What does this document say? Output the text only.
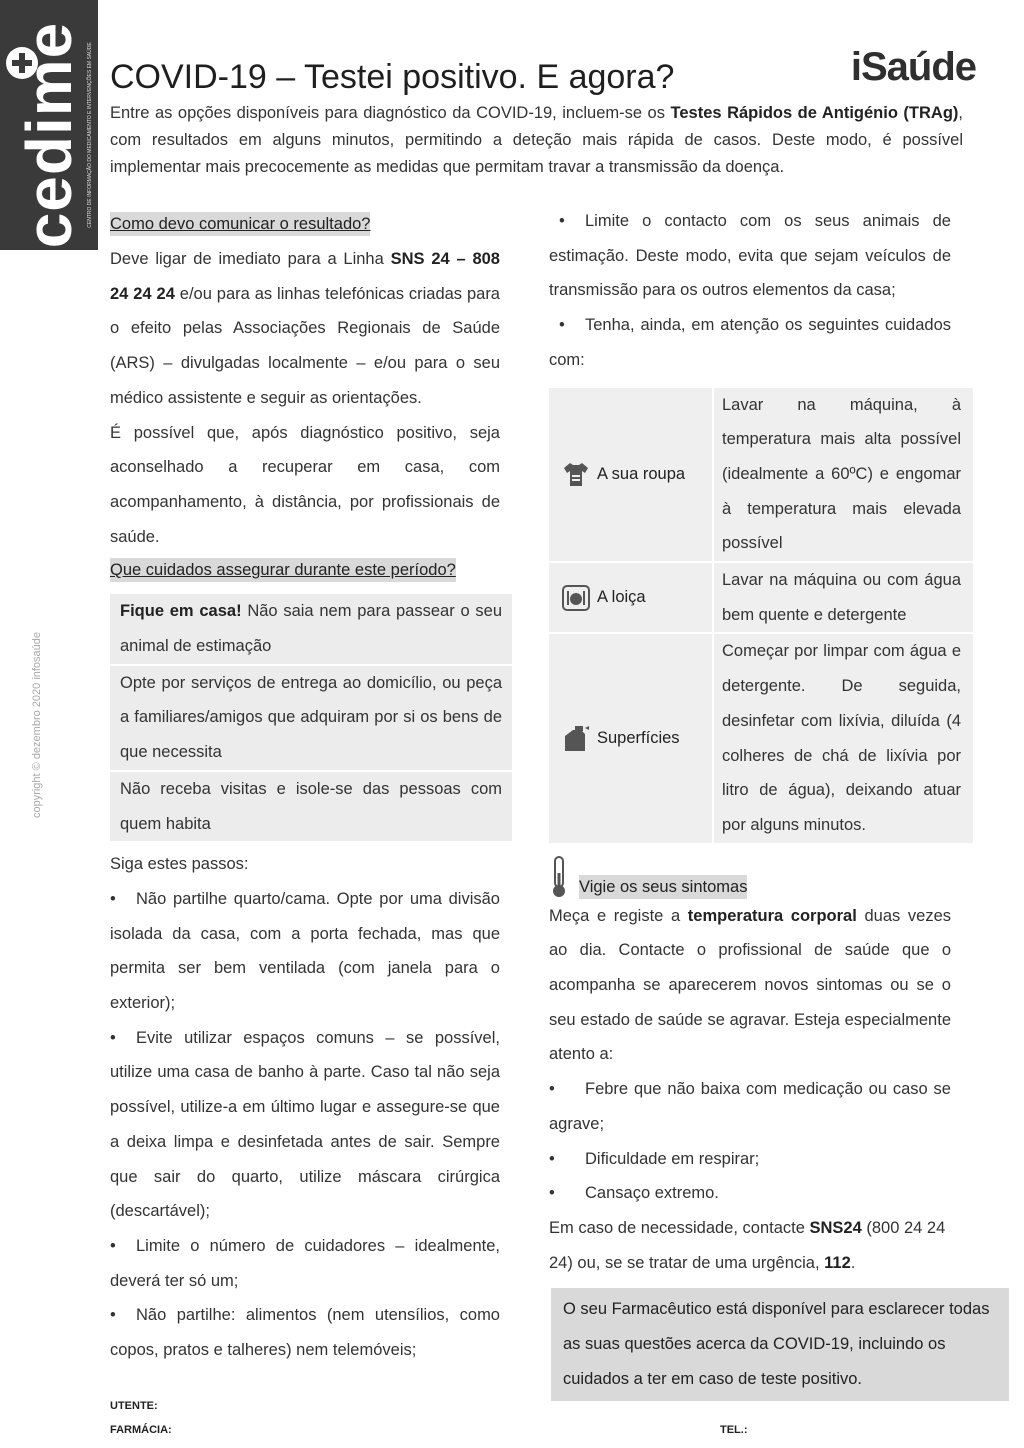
cedime CENTRO DE INFORMAÇÃO DO MEDICAMENTO E INTERVENÇÕES EM SAÚDE
copyright © dezembro 2020 infosaúde
iSaúde
COVID-19 – Testei positivo. E agora?

Entre as opções disponíveis para diagnóstico da COVID-19, incluem-se os Testes Rápidos de Antigénio (TRAg), com resultados em alguns minutos, permitindo a deteção mais rápida de casos. Deste modo, é possível implementar mais precocemente as medidas que permitam travar a transmissão da doença.

Como devo comunicar o resultado?

Deve ligar de imediato para a Linha SNS 24 – 808 24 24 24 e/ou para as linhas telefónicas criadas para o efeito pelas Associações Regionais de Saúde (ARS) – divulgadas localmente – e/ou para o seu médico assistente e seguir as orientações.

É possível que, após diagnóstico positivo, seja aconselhado a recuperar em casa, com acompanhamento, à distância, por profissionais de saúde.

Que cuidados assegurar durante este período?
Fique em casa! Não saia nem para passear o seu animal de estimação
Opte por serviços de entrega ao domicílio, ou peça a familiares/amigos que adquiram por si os bens de que necessita
Não receba visitas e isole-se das pessoas com quem habita

Siga estes passos:

•Não partilhe quarto/cama. Opte por uma divisão isolada da casa, com a porta fechada, mas que permita ser bem ventilada (com janela para o exterior);
•Evite utilizar espaços comuns – se possível, utilize uma casa de banho à parte. Caso tal não seja possível, utilize-a em último lugar e assegure-se que a deixa limpa e desinfetada antes de sair. Sempre que sair do quarto, utilize máscara cirúrgica (descartável);
•Limite o número de cuidadores – idealmente, deverá ter só um;
•Não partilhe: alimentos (nem utensílios, como copos, pratos e talheres) nem telemóveis;
•Limite o contacto com os seus animais de estimação. Deste modo, evita que sejam veículos de transmissão para os outros elementos da casa;
•Tenha, ainda, em atenção os seguintes cuidados com:
A sua roupa	Lavar na máquina, à temperatura mais alta possível (idealmente a 60ºC) e engomar à temperatura mais elevada possível

A loiça	Lavar na máquina ou com água bem quente e detergente

Superfícies	Começar por limpar com água e detergente. De seguida, desinfetar com lixívia, diluída (4 colheres de chá de lixívia por litro de água), deixando atuar por alguns minutos.
Vigie os seus sintomas

Meça e registe a temperatura corporal duas vezes ao dia. Contacte o profissional de saúde que o acompanha se aparecerem novos sintomas ou se o seu estado de saúde se agravar. Esteja especialmente atento a:

•Febre que não baixa com medicação ou caso se agrave;
•Dificuldade em respirar;
•Cansaço extremo.

Em caso de necessidade, contacte SNS24 (800 24 24 24) ou, se se tratar de uma urgência, 112.

O seu Farmacêutico está disponível para esclarecer todas as suas questões acerca da COVID-19, incluindo os cuidados a ter em caso de teste positivo.
UTENTE:
FARMÁCIA:	TEL.:
